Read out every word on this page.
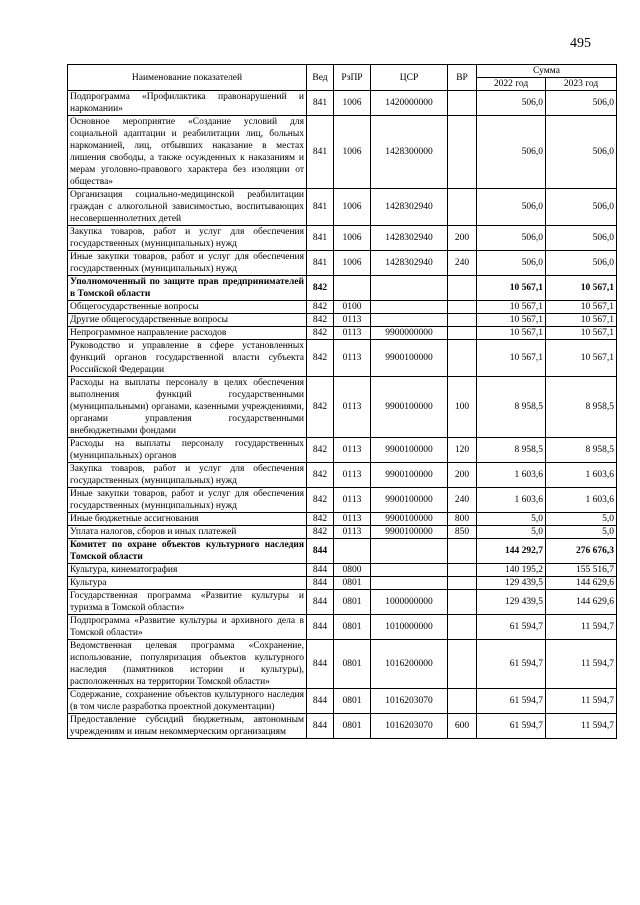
495
Наименование показателей	Вед	РзПР	ЦСР	ВР	Сумма	
					2022 год	2023 год
Подпрограмма «Профилактика правонарушений и наркомании»	841	1006	1420000000		506,0	506,0
Основное мероприятие «Создание условий для социальной адаптации и реабилитации лиц, больных наркоманией, лиц, отбывших наказание в местах лишения свободы, а также осужденных к наказаниям и мерам уголовно-правового характера без изоляции от общества»	841	1006	1428300000		506,0	506,0
Организация социально-медицинской реабилитации граждан с алкогольной зависимостью, воспитывающих несовершеннолетних детей	841	1006	1428302940		506,0	506,0
Закупка товаров, работ и услуг для обеспечения государственных (муниципальных) нужд	841	1006	1428302940	200	506,0	506,0
Иные закупки товаров, работ и услуг для обеспечения государственных (муниципальных) нужд	841	1006	1428302940	240	506,0	506,0
Уполномоченный по защите прав предпринимателей в Томской области	842				10 567,1	10 567,1
Общегосударственные вопросы	842	0100			10 567,1	10 567,1
Другие общегосударственные вопросы	842	0113			10 567,1	10 567,1
Непрограммное направление расходов	842	0113	9900000000		10 567,1	10 567,1
Руководство и управление в сфере установленных функций органов государственной власти субъекта Российской Федерации	842	0113	9900100000		10 567,1	10 567,1
Расходы на выплаты персоналу в целях обеспечения выполнения функций государственными (муниципальными) органами, казенными учреждениями, органами управления государственными внебюджетными фондами	842	0113	9900100000	100	8 958,5	8 958,5
Расходы на выплаты персоналу государственных (муниципальных) органов	842	0113	9900100000	120	8 958,5	8 958,5
Закупка товаров, работ и услуг для обеспечения государственных (муниципальных) нужд	842	0113	9900100000	200	1 603,6	1 603,6
Иные закупки товаров, работ и услуг для обеспечения государственных (муниципальных) нужд	842	0113	9900100000	240	1 603,6	1 603,6
Иные бюджетные ассигнования	842	0113	9900100000	800	5,0	5,0
Уплата налогов, сборов и иных платежей	842	0113	9900100000	850	5,0	5,0
Комитет по охране объектов культурного наследия Томской области	844				144 292,7	276 676,3
Культура, кинематография	844	0800			140 195,2	155 516,7
Культура	844	0801			129 439,5	144 629,6
Государственная программа «Развитие культуры и туризма в Томской области»	844	0801	1000000000		129 439,5	144 629,6
Подпрограмма «Развитие культуры и архивного дела в Томской области»	844	0801	1010000000		61 594,7	11 594,7
Ведомственная целевая программа «Сохранение, использование, популяризация объектов культурного наследия (памятников истории и культуры), расположенных на территории Томской области»	844	0801	1016200000		61 594,7	11 594,7
Содержание, сохранение объектов культурного наследия (в том числе разработка проектной документации)	844	0801	1016203070		61 594,7	11 594,7
Предоставление субсидий бюджетным, автономным учреждениям и иным некоммерческим организациям	844	0801	1016203070	600	61 594,7	11 594,7
